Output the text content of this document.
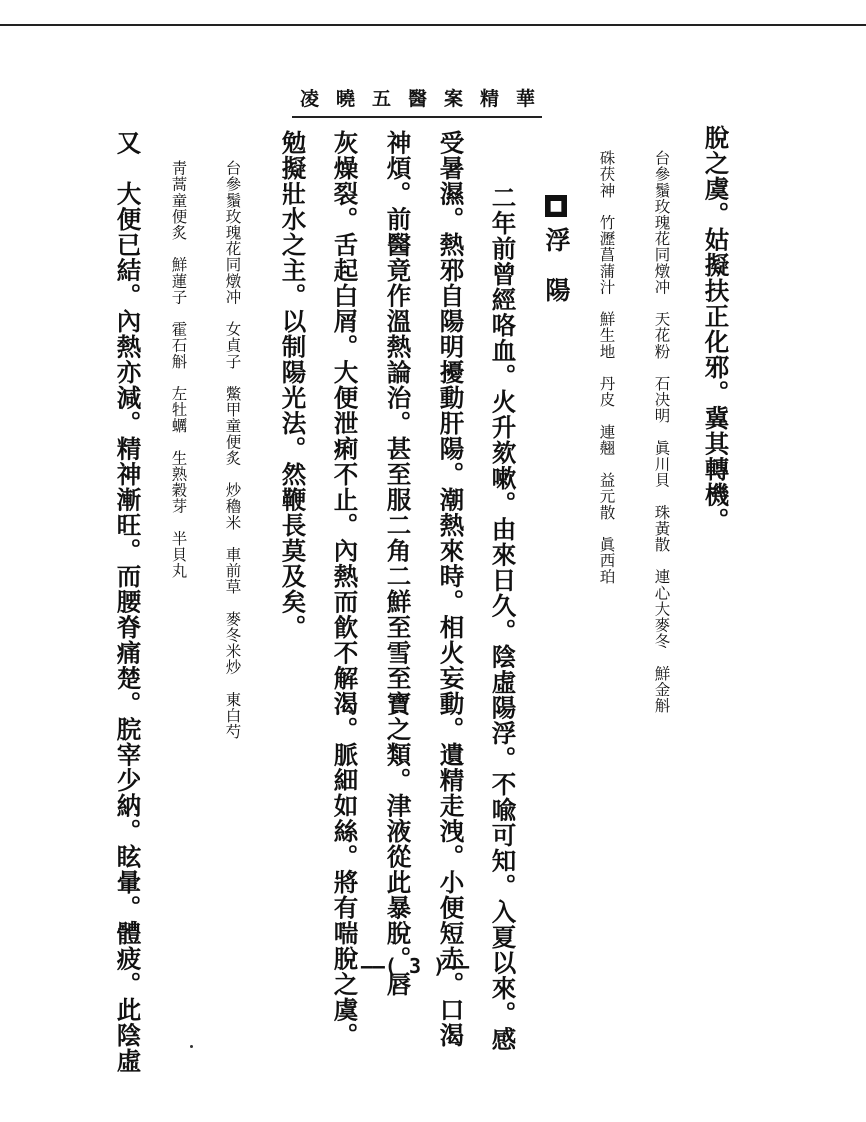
凌曉五醫案精華
脫之虞。姑擬扶正化邪。冀其轉機。
台參鬚玫瑰花同燉冲　天花粉　石决明　眞川貝　珠黃散　連心大麥冬　鮮金斛
硃茯神　竹瀝菖蒲汁　鮮生地　丹皮　連翹　益元散　眞西珀
■浮　陽
二年前曾經咯血。火升欬嗽。由來日久。陰虛陽浮。不喩可知。入夏以來。感
受暑濕。熱邪自陽明擾動肝陽。潮熱來時。相火妄動。遺精走洩。小便短赤。口渴
神煩。前醫竟作溫熱論治。甚至服二角二鮮至雪至寶之類。津液從此暴脫。唇
灰燥裂。舌起白屑。大便泄痢不止。內熱而飮不解渴。脈細如絲。將有喘脫之虞。
勉擬壯水之主。以制陽光法。然鞭長莫及矣。
台參鬚玫瑰花同燉冲　女貞子　鱉甲童便炙　炒穭米　車前草　麥冬米炒　東白芍
靑蒿童便炙　鮮蓮子　霍石斛　左牡蠣　生熟穀芽　半貝丸
又　大便已結。內熱亦減。精神漸旺。而腰脊痛楚。脘宰少納。眩暈。體疲。此陰虛	——( 3 )——
